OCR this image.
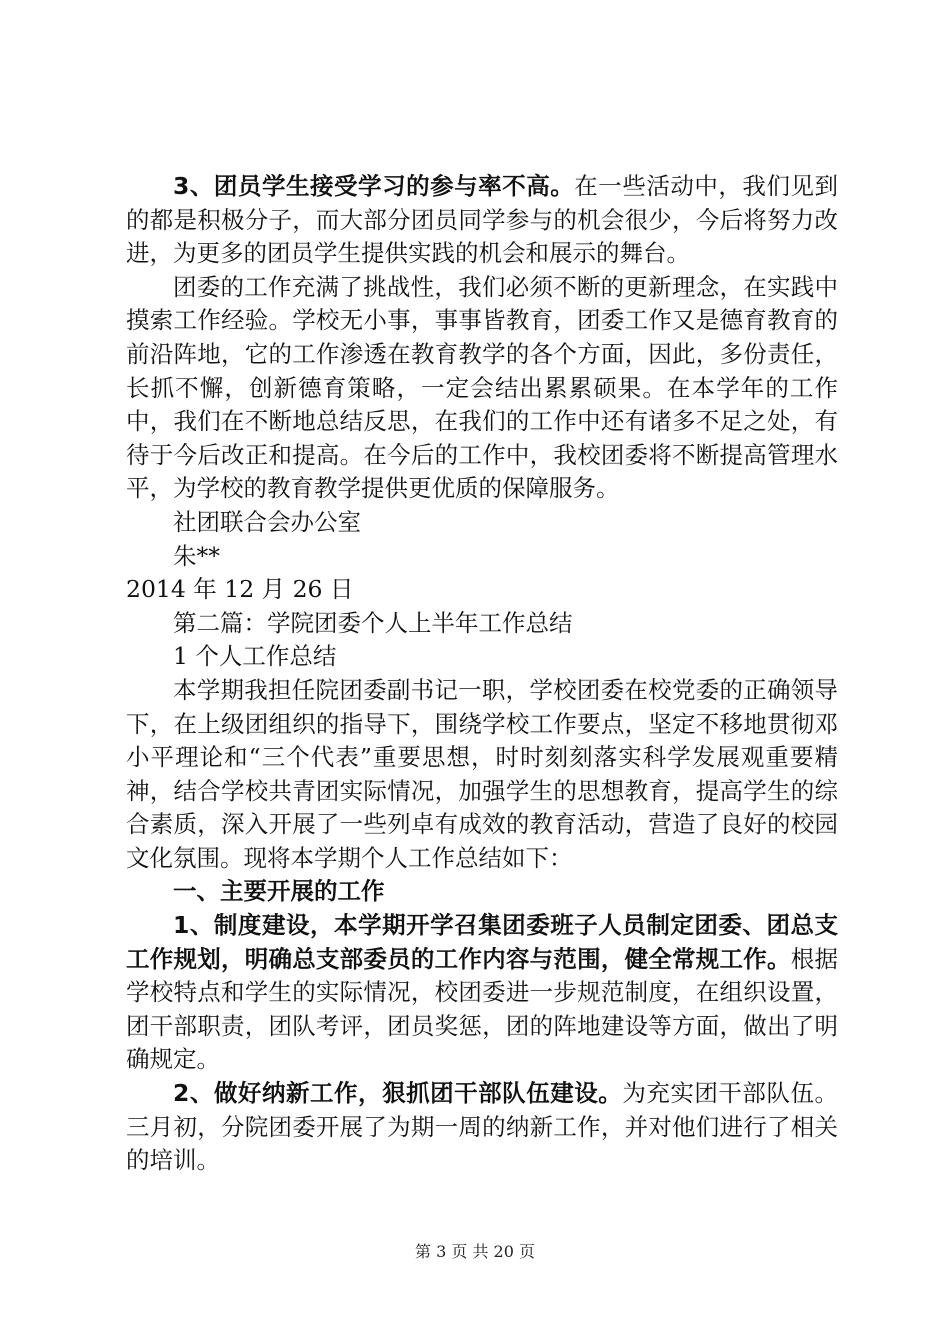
3、团员学生接受学习的参与率不高。在一些活动中，我们见到的都是积极分子，而大部分团员同学参与的机会很少，今后将努力改进，为更多的团员学生提供实践的机会和展示的舞台。

团委的工作充满了挑战性，我们必须不断的更新理念，在实践中摸索工作经验。学校无小事，事事皆教育，团委工作又是德育教育的前沿阵地，它的工作渗透在教育教学的各个方面，因此，多份责任，长抓不懈，创新德育策略，一定会结出累累硕果。在本学年的工作中，我们在不断地总结反思，在我们的工作中还有诸多不足之处，有待于今后改正和提高。在今后的工作中，我校团委将不断提高管理水平，为学校的教育教学提供更优质的保障服务。

社团联合会办公室

朱**

2014 年 12 月 26 日

第二篇：学院团委个人上半年工作总结

1 个人工作总结

本学期我担任院团委副书记一职，学校团委在校党委的正确领导下，在上级团组织的指导下，围绕学校工作要点，坚定不移地贯彻邓小平理论和“三个代表”重要思想，时时刻刻落实科学发展观重要精神，结合学校共青团实际情况，加强学生的思想教育，提高学生的综合素质，深入开展了一些列卓有成效的教育活动，营造了良好的校园文化氛围。现将本学期个人工作总结如下：

一、主要开展的工作

1、制度建设，本学期开学召集团委班子人员制定团委、团总支工作规划，明确总支部委员的工作内容与范围，健全常规工作。根据学校特点和学生的实际情况，校团委进一步规范制度，在组织设置，团干部职责，团队考评，团员奖惩，团的阵地建设等方面，做出了明确规定。

2、做好纳新工作，狠抓团干部队伍建设。为充实团干部队伍。三月初，分院团委开展了为期一周的纳新工作，并对他们进行了相关的培训。

第 3 页 共 20 页
